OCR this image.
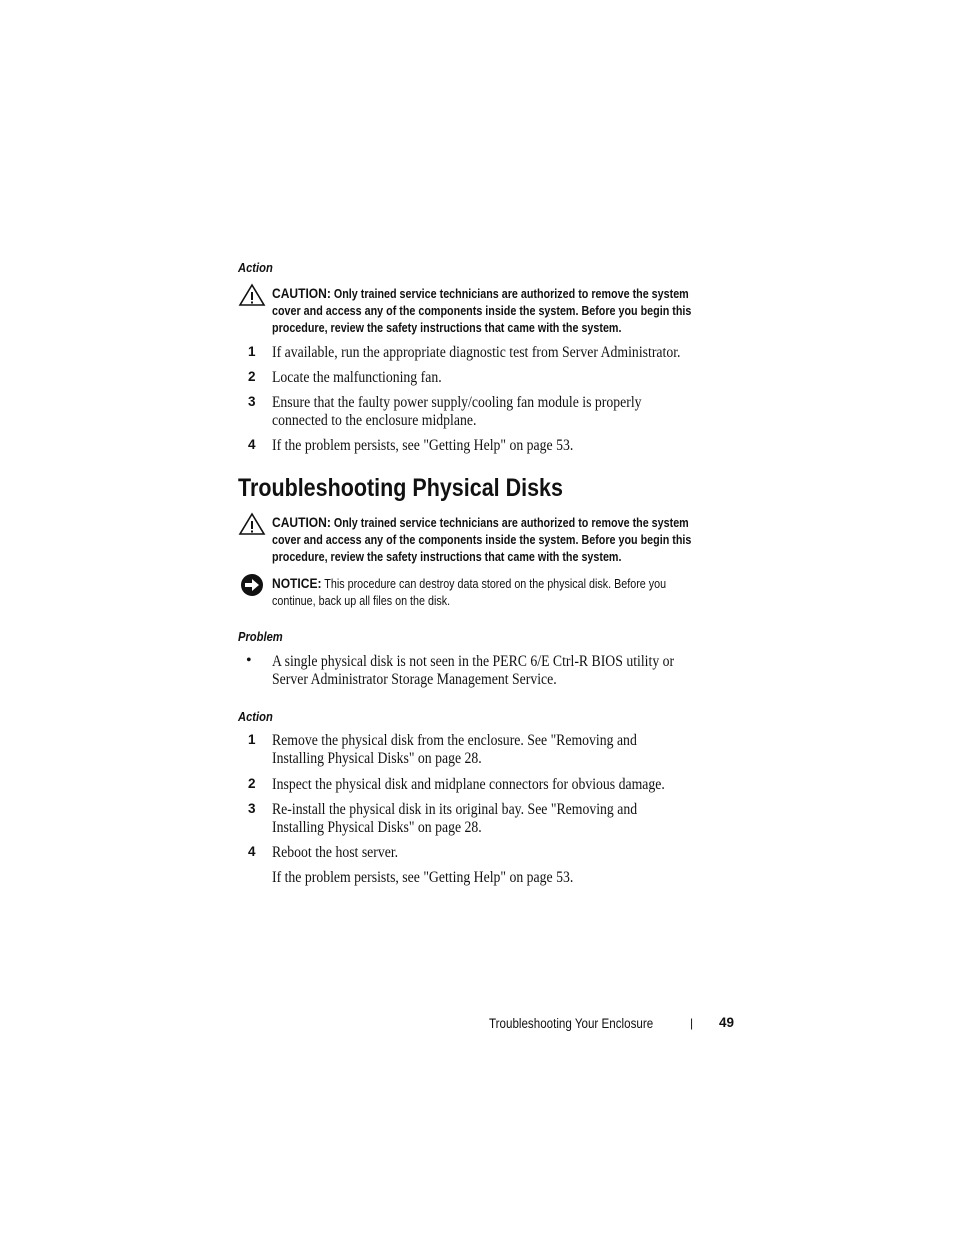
Action
CAUTION: Only trained service technicians are authorized to remove the system
cover and access any of the components inside the system. Before you begin this
procedure, review the safety instructions that came with the system.
1 If available, run the appropriate diagnostic test from Server Administrator.
2 Locate the malfunctioning fan.
3 Ensure that the faulty power supply/cooling fan module is properly
connected to the enclosure midplane.
4 If the problem persists, see "Getting Help" on page 53.
Troubleshooting Physical Disks
CAUTION: Only trained service technicians are authorized to remove the system
cover and access any of the components inside the system. Before you begin this
procedure, review the safety instructions that came with the system.
NOTICE: This procedure can destroy data stored on the physical disk. Before you
continue, back up all files on the disk.
Problem
• A single physical disk is not seen in the PERC 6/E Ctrl-R BIOS utility or
Server Administrator Storage Management Service.
Action
1 Remove the physical disk from the enclosure. See "Removing and
Installing Physical Disks" on page 28.
2 Inspect the physical disk and midplane connectors for obvious damage.
3 Re-install the physical disk in its original bay. See "Removing and
Installing Physical Disks" on page 28.
4 Reboot the host server.
If the problem persists, see "Getting Help" on page 53.
Troubleshooting Your Enclosure	| 49
